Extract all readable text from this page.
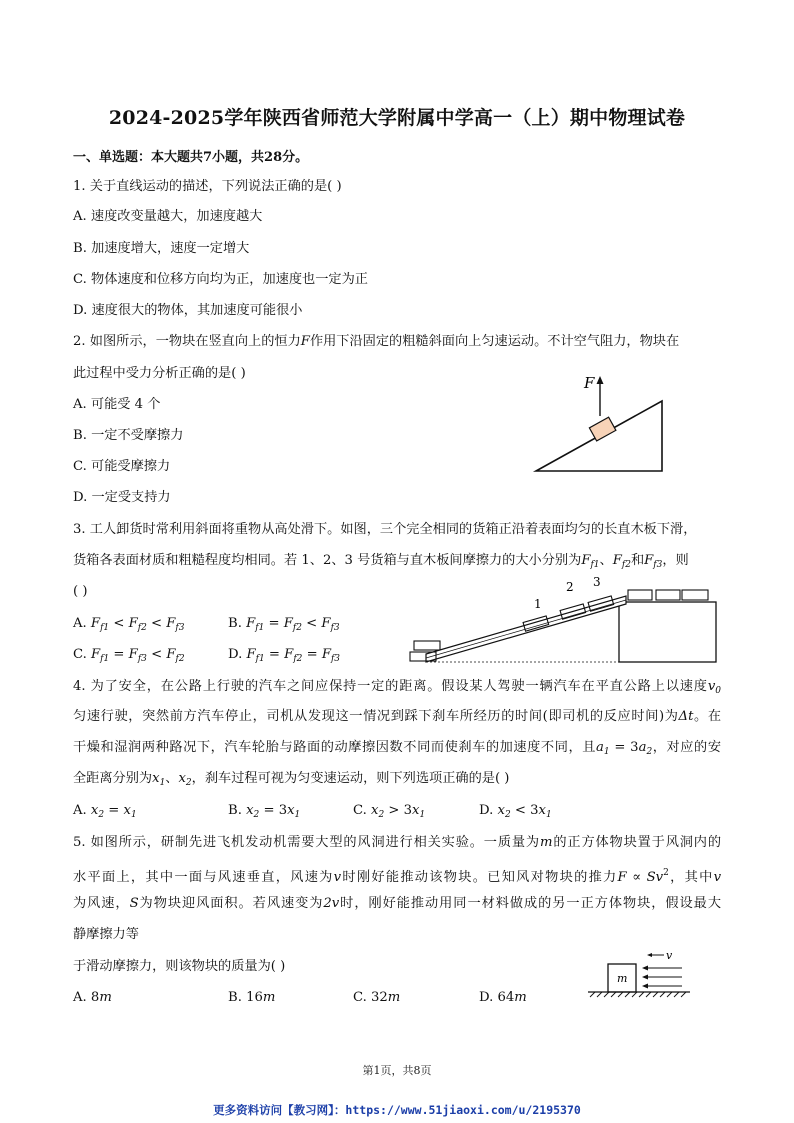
2024-2025学年陕西省师范大学附属中学高一（上）期中物理试卷
一、单选题：本大题共7小题，共28分。
1. 关于直线运动的描述，下列说法正确的是( )
A. 速度改变量越大，加速度越大
B. 加速度增大，速度一定增大
C. 物体速度和位移方向均为正，加速度也一定为正
D. 速度很大的物体，其加速度可能很小
2. 如图所示，一物块在竖直向上的恒力F作用下沿固定的粗糙斜面向上匀速运动。不计空气阻力，物块在
此过程中受力分析正确的是( )
A. 可能受 4 个
B. 一定不受摩擦力
C. 可能受摩擦力
D. 一定受支持力
F
3. 工人卸货时常利用斜面将重物从高处滑下。如图，三个完全相同的货箱正沿着表面均匀的长直木板下滑，
货箱各表面材质和粗糙程度均相同。若 1、2、3 号货箱与直木板间摩擦力的大小分别为$F_{f1}$、$F_{f2}$和$F_{f3}$，则
( )
A. $F_{f1} < F_{f2} < F_{f3}$	B. $F_{f1} = F_{f2} < F_{f3}$
C. $F_{f1} = F_{f3} < F_{f2}$	D. $F_{f1} = F_{f2} = F_{f3}$
1
2 3
4. 为了安全，在公路上行驶的汽车之间应保持一定的距离。假设某人驾驶一辆汽车在平直公路上以速度$v_0$
匀速行驶，突然前方汽车停止，司机从发现这一情况到踩下刹车所经历的时间(即司机的反应时间)为Δt。在
干燥和湿润两种路况下，汽车轮胎与路面的动摩擦因数不同而使刹车的加速度不同，且$a_1 = 3a_2$，对应的安
全距离分别为$x_1$、$x_2$，刹车过程可视为匀变速运动，则下列选项正确的是( )
A. $x_2 = x_1$	B. $x_2 = 3x_1$	C. $x_2 > 3x_1$	D. $x_2 < 3x_1$
5. 如图所示，研制先进飞机发动机需要大型的风洞进行相关实验。一质量为m的正方体物块置于风洞内的
水平面上，其中一面与风速垂直，风速为v时刚好能推动该物块。已知风对物块的推力$F \propto Sv^2$，其中v
为风速，S为物块迎风面积。若风速变为2v时，刚好能推动用同一材料做成的另一正方体物块，假设最大
静摩擦力等
于滑动摩擦力，则该物块的质量为( )
A. 8m	B. 16m	C. 32m	D. 64m
m
v
第1页，共8页
更多资料访问【教习网】：https://www.51jiaoxi.com/u/2195370
